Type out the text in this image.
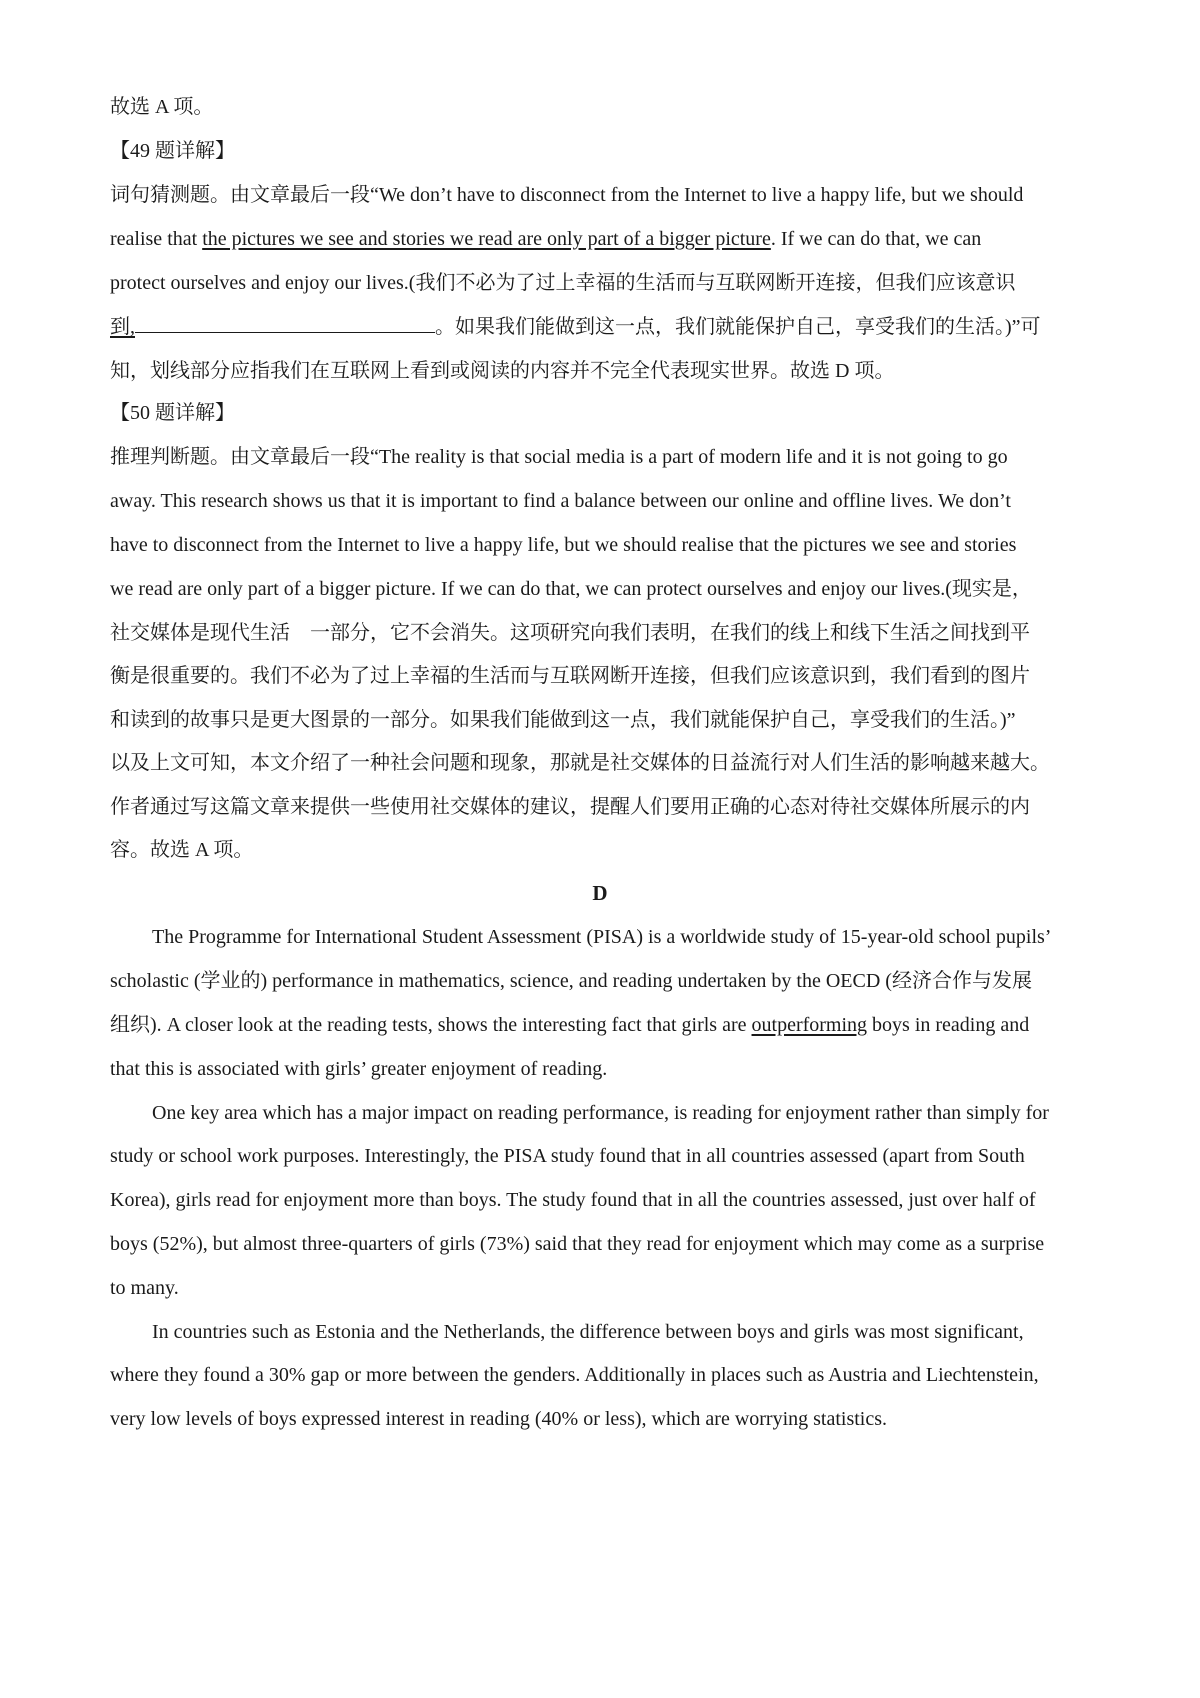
故选 A 项。
【49 题详解】
词句猜测题。由文章最后一段“We don’t have to disconnect from the Internet to live a happy life, but we should
realise that the pictures we see and stories we read are only part of a bigger picture. If we can do that, we can
protect ourselves and enjoy our lives.(我们不必为了过上幸福的生活而与互联网断开连接，但我们应该意识
到,	。如果我们能做到这一点，我们就能保护自己，享受我们的生活。)”可
知，划线部分应指我们在互联网上看到或阅读的内容并不完全代表现实世界。故选 D 项。
【50 题详解】
推理判断题。由文章最后一段“The reality is that social media is a part of modern life and it is not going to go
away. This research shows us that it is important to find a balance between our online and offline lives. We don’t
have to disconnect from the Internet to live a happy life, but we should realise that the pictures we see and stories
we read are only part of a bigger picture. If we can do that, we can protect ourselves and enjoy our lives.(现实是，
社交媒体是现代生活　一部分，它不会消失。这项研究向我们表明，在我们的线上和线下生活之间找到平
衡是很重要的。我们不必为了过上幸福的生活而与互联网断开连接，但我们应该意识到，我们看到的图片
和读到的故事只是更大图景的一部分。如果我们能做到这一点，我们就能保护自己，享受我们的生活。)”
以及上文可知，本文介绍了一种社会问题和现象，那就是社交媒体的日益流行对人们生活的影响越来越大。
作者通过写这篇文章来提供一些使用社交媒体的建议，提醒人们要用正确的心态对待社交媒体所展示的内
容。故选 A 项。
D
The Programme for International Student Assessment (PISA) is a worldwide study of 15-year-old school pupils’
scholastic (学业的) performance in mathematics, science, and reading undertaken by the OECD (经济合作与发展
组织). A closer look at the reading tests, shows the interesting fact that girls are outperforming boys in reading and
that this is associated with girls’ greater enjoyment of reading.
One key area which has a major impact on reading performance, is reading for enjoyment rather than simply for
study or school work purposes. Interestingly, the PISA study found that in all countries assessed (apart from South
Korea), girls read for enjoyment more than boys. The study found that in all the countries assessed, just over half of
boys (52%), but almost three-quarters of girls (73%) said that they read for enjoyment which may come as a surprise
to many.
In countries such as Estonia and the Netherlands, the difference between boys and girls was most significant,
where they found a 30% gap or more between the genders. Additionally in places such as Austria and Liechtenstein,
very low levels of boys expressed interest in reading (40% or less), which are worrying statistics.
